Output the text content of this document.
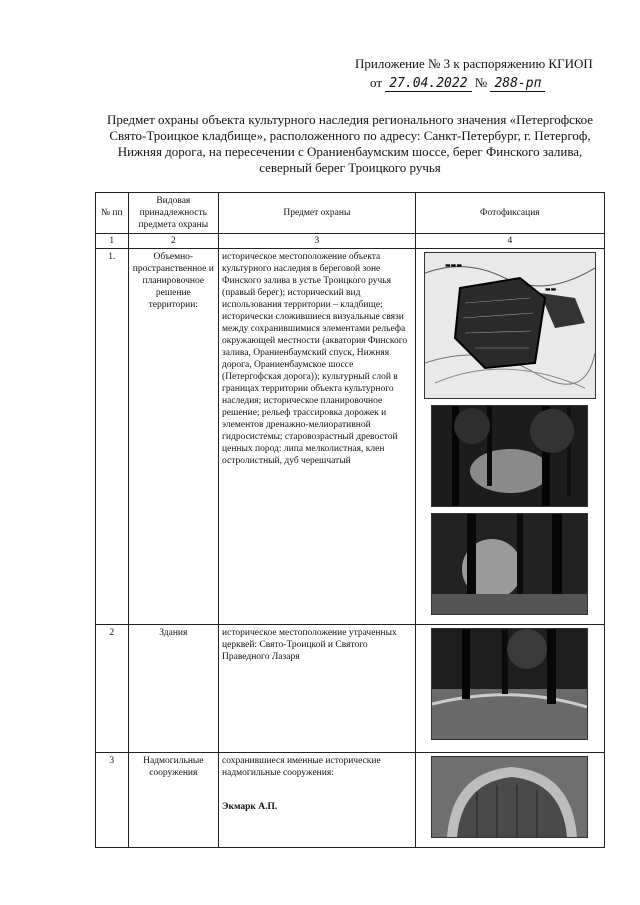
Приложение № 3 к распоряжению КГИОП
от 27.04.2022 № 288-рп
Предмет охраны объекта культурного наследия регионального значения «Петергофское Свято-Троицкое кладбище», расположенного по адресу: Санкт-Петербург, г. Петергоф, Нижняя дорога, на пересечении с Ораниенбаумским шоссе, берег Финского залива, северный берег Троицкого ручья
№ пп	Видовая принадлежность предмета охраны	Предмет охраны	Фотофиксация
1	2	3	4
1.	Объемно-пространственное и планировочное решение территории:	историческое местоположение объекта культурного наследия в береговой зоне Финского залива в устье Троицкого ручья (правый берег); исторический вид использования территории – кладбище; исторически сложившиеся визуальные связи между сохранившимися элементами рельефа окружающей местности (акватория Финского залива, Ораниенбаумский спуск, Нижняя дорога, Ораниенбаумское шоссе (Петергофская дорога)); культурный слой в границах территории объекта культурного наследия; историческое планировочное решение; рельеф трассировка дорожек и элементов дренажно-мелиоративной гидросистемы; старовозрастный древостой ценных пород: липа мелколистная, клен остролистный, дуб черешчатый	▬▬▬
▬▬

2	Здания	историческое местоположение утраченных церквей: Свято-Троицкой и Святого Праведного Лазаря	

3	Надмогильные сооружения	сохранившиеся именные исторические надмогильные сооружения:
Экмарк А.П.
